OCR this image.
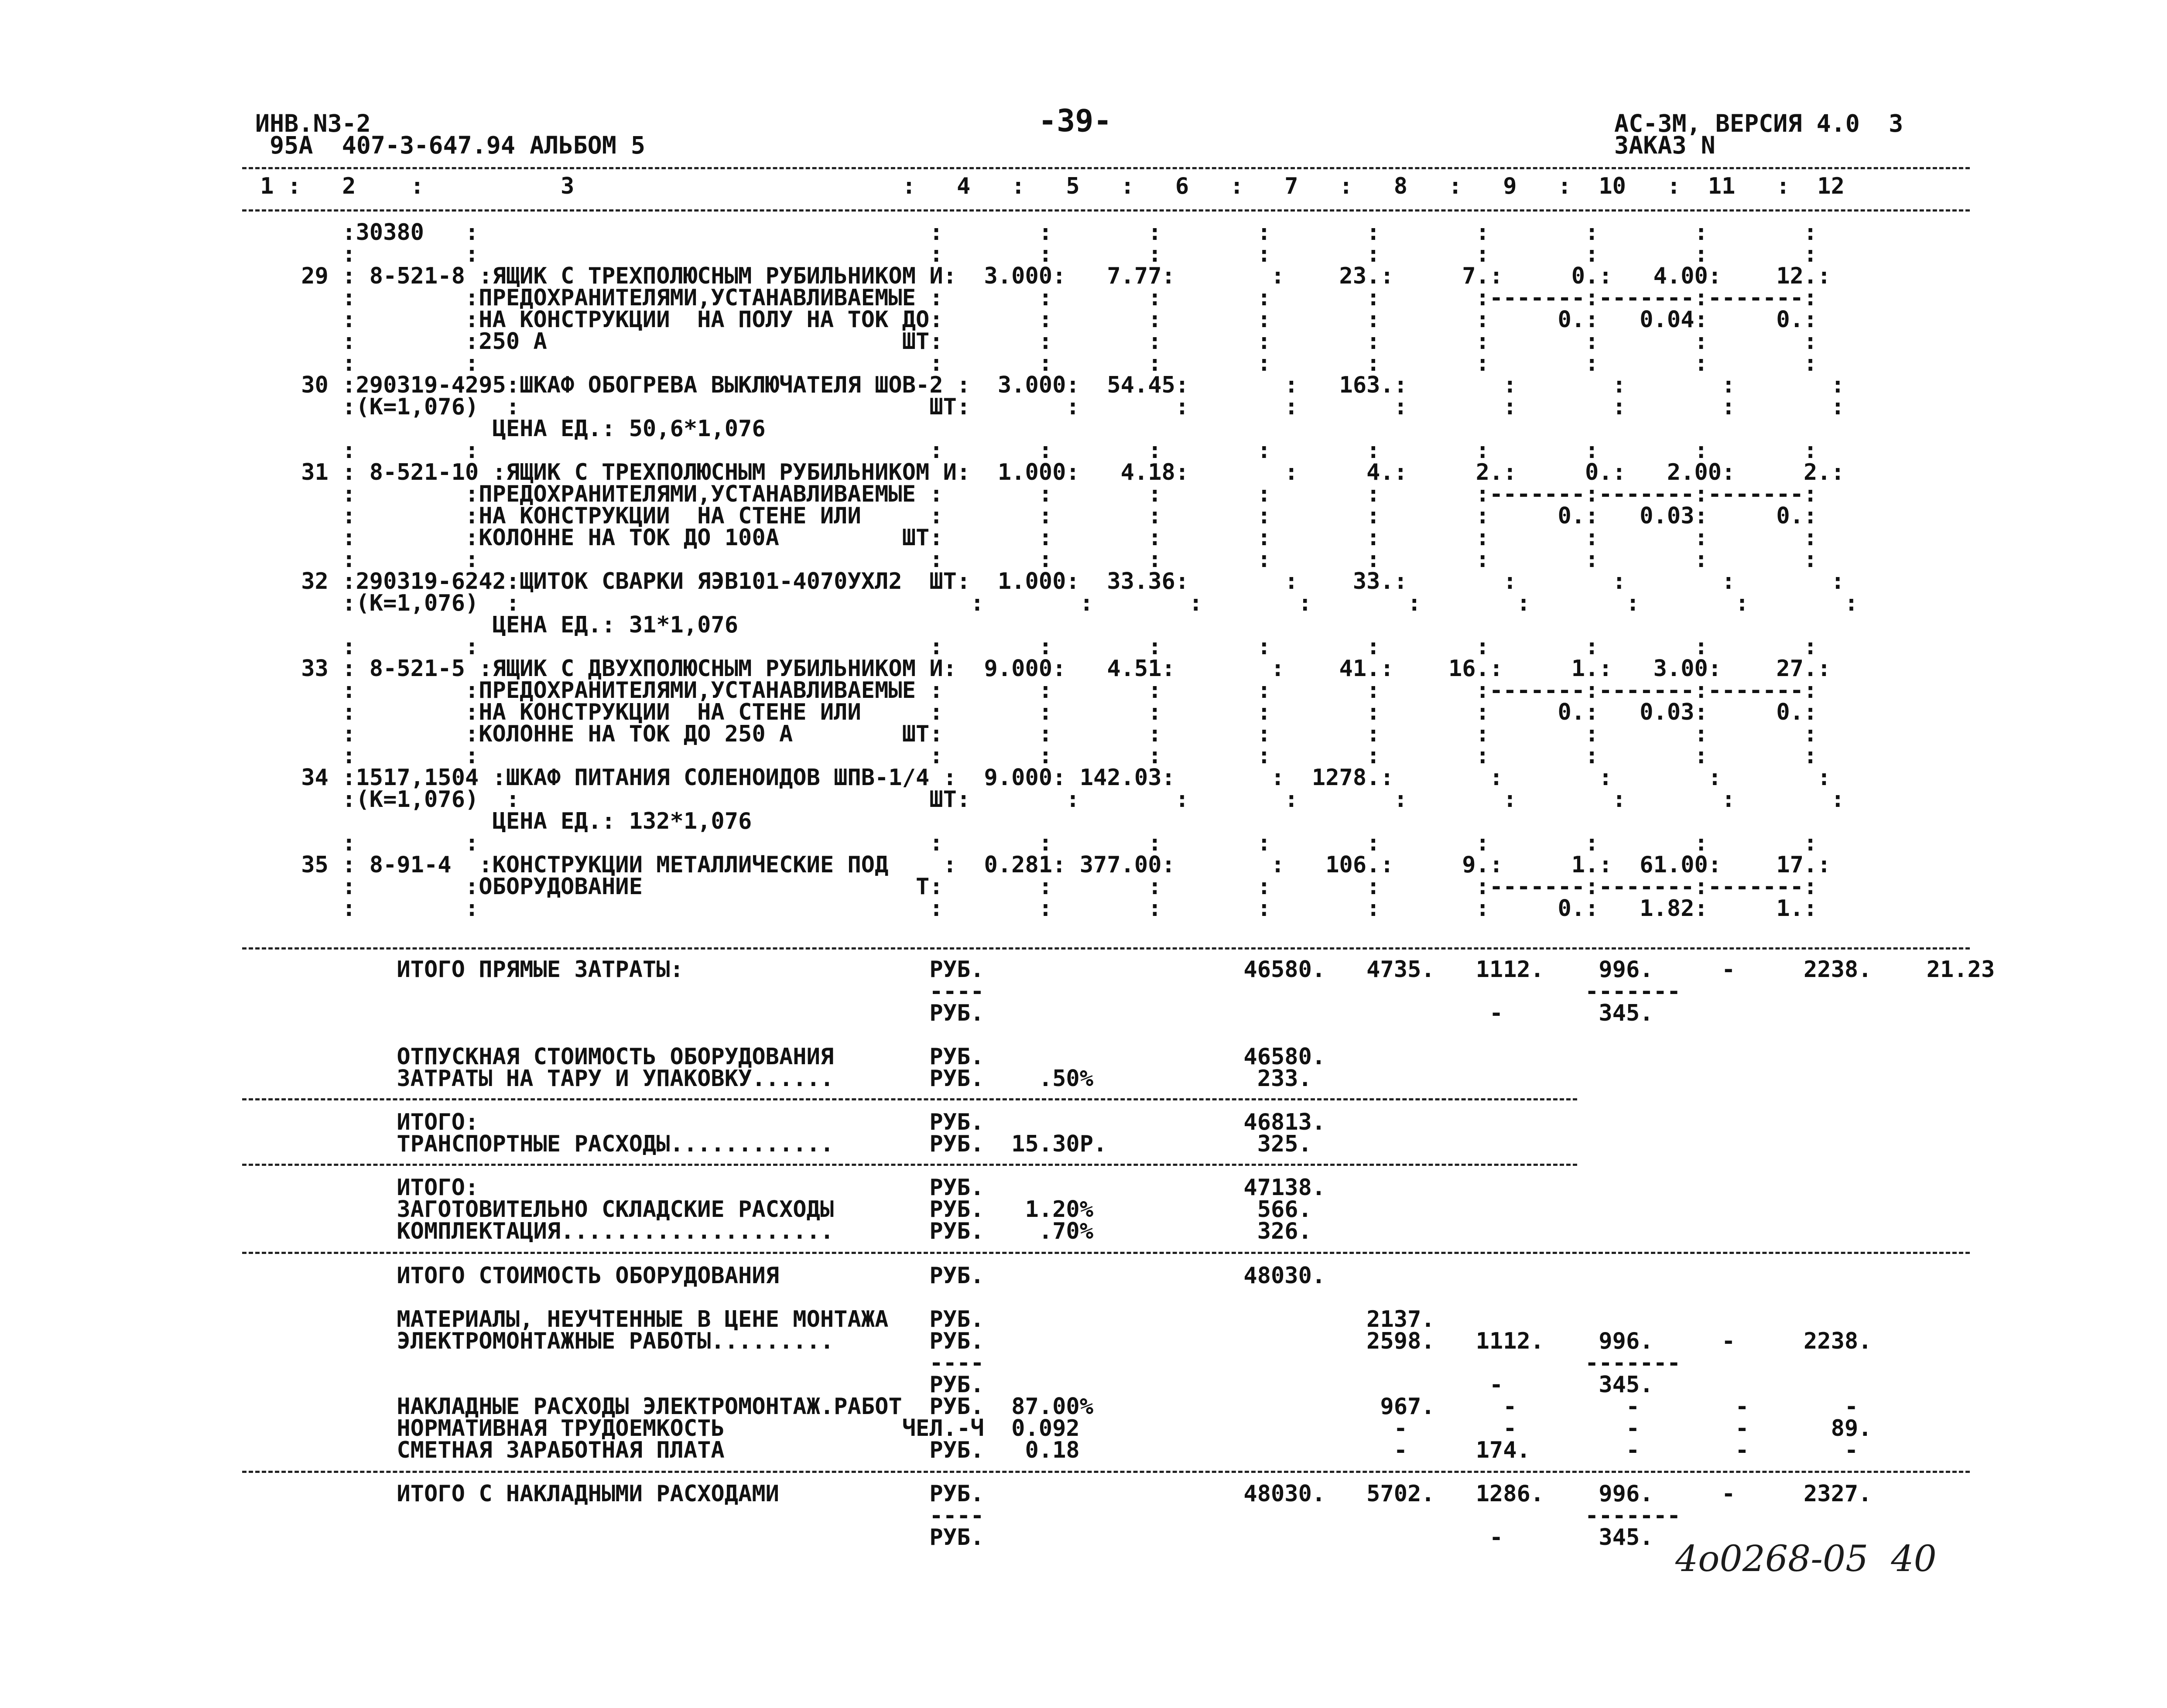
ИНВ.N3-2
95А  407-3-647.94 АЛЬБОМ 5
-39-	АС-3М, ВЕРСИЯ 4.0  3
ЗАКАЗ N
1 :   2    :          3                        :   4   :   5   :   6   :   7   :   8   :   9   :  10   :  11   :  12
:30380   :                                 :       :       :       :       :       :       :       :       :
:        :                                 :       :       :       :       :       :       :       :       :
29 : 8-521-8 :ЯЩИК С ТРЕХПОЛЮСНЫМ РУБИЛЬНИКОМ И:  3.000:   7.77:       :    23.:     7.:     0.:   4.00:    12.:
:        :ПРЕДОХРАНИТЕЛЯМИ,УСТАНАВЛИВАЕМЫЕ :       :       :       :       :       :-------:-------:-------:
:        :НА КОНСТРУКЦИИ  НА ПОЛУ НА ТОК ДО:       :       :       :       :       :     0.:   0.04:     0.:
:        :250 А                          ШТ:       :       :       :       :       :       :       :       :
:        :                                 :       :       :       :       :       :       :       :       :
30 :290319-4295:ШКАФ ОБОГРЕВА ВЫКЛЮЧАТЕЛЯ ШОВ-2 :  3.000:  54.45:       :   163.:       :       :       :       :
:(К=1,076)  :                              ШТ:       :       :       :       :       :       :       :       :
ЦЕНА ЕД.: 50,6*1,076
:        :                                 :       :       :       :       :       :       :       :       :
31 : 8-521-10 :ЯЩИК С ТРЕХПОЛЮСНЫМ РУБИЛЬНИКОМ И:  1.000:   4.18:       :     4.:     2.:     0.:   2.00:     2.:
:        :ПРЕДОХРАНИТЕЛЯМИ,УСТАНАВЛИВАЕМЫЕ :       :       :       :       :       :-------:-------:-------:
:        :НА КОНСТРУКЦИИ  НА СТЕНЕ ИЛИ     :       :       :       :       :       :     0.:   0.03:     0.:
:        :КОЛОННЕ НА ТОК ДО 100А         ШТ:       :       :       :       :       :       :       :       :
:        :                                 :       :       :       :       :       :       :       :       :
32 :290319-6242:ЩИТОК СВАРКИ ЯЭВ101-4070УХЛ2  ШТ:  1.000:  33.36:       :    33.:       :       :       :       :
:(К=1,076)  :                                 :       :       :       :       :       :       :       :       :
ЦЕНА ЕД.: 31*1,076
:        :                                 :       :       :       :       :       :       :       :       :
33 : 8-521-5 :ЯЩИК С ДВУХПОЛЮСНЫМ РУБИЛЬНИКОМ И:  9.000:   4.51:       :    41.:    16.:     1.:   3.00:    27.:
:        :ПРЕДОХРАНИТЕЛЯМИ,УСТАНАВЛИВАЕМЫЕ :       :       :       :       :       :-------:-------:-------:
:        :НА КОНСТРУКЦИИ  НА СТЕНЕ ИЛИ     :       :       :       :       :       :     0.:   0.03:     0.:
:        :КОЛОННЕ НА ТОК ДО 250 А        ШТ:       :       :       :       :       :       :       :       :
:        :                                 :       :       :       :       :       :       :       :       :
34 :1517,1504 :ШКАФ ПИТАНИЯ СОЛЕНОИДОВ ШПВ-1/4 :  9.000: 142.03:       :  1278.:       :       :       :       :
:(К=1,076)  :                              ШТ:       :       :       :       :       :       :       :       :
ЦЕНА ЕД.: 132*1,076
:        :                                 :       :       :       :       :       :       :       :       :
35 : 8-91-4  :КОНСТРУКЦИИ МЕТАЛЛИЧЕСКИЕ ПОД    :  0.281: 377.00:       :   106.:     9.:     1.:  61.00:    17.:
:        :ОБОРУДОВАНИЕ                    Т:       :       :       :       :       :-------:-------:-------:
:        :                                 :       :       :       :       :       :     0.:   1.82:     1.:
ИТОГО ПРЯМЫЕ ЗАТРАТЫ:                  РУБ.                   46580.   4735.   1112.    996.     -     2238.    21.23
----                                            -------
РУБ.                                     -       345.
ОТПУСКНАЯ СТОИМОСТЬ ОБОРУДОВАНИЯ       РУБ.                   46580.
ЗАТРАТЫ НА ТАРУ И УПАКОВКУ......       РУБ.    .50%            233.
ИТОГО:                                 РУБ.                   46813.
ТРАНСПОРТНЫЕ РАСХОДЫ............       РУБ.  15.30Р.           325.
ИТОГО:                                 РУБ.                   47138.
ЗАГОТОВИТЕЛЬНО СКЛАДСКИЕ РАСХОДЫ       РУБ.   1.20%            566.
КОМПЛЕКТАЦИЯ....................       РУБ.    .70%            326.
ИТОГО СТОИМОСТЬ ОБОРУДОВАНИЯ           РУБ.                   48030.
МАТЕРИАЛЫ, НЕУЧТЕННЫЕ В ЦЕНЕ МОНТАЖА   РУБ.                            2137.
ЭЛЕКТРОМОНТАЖНЫЕ РАБОТЫ.........       РУБ.                            2598.   1112.    996.     -     2238.
----                                            -------
РУБ.                                     -       345.
НАКЛАДНЫЕ РАСХОДЫ ЭЛЕКТРОМОНТАЖ.РАБОТ  РУБ.  87.00%                     967.     -        -       -       -
НОРМАТИВНАЯ ТРУДОЕМКОСТЬ             ЧЕЛ.-Ч  0.092                       -       -        -       -      89.
СМЕТНАЯ ЗАРАБОТНАЯ ПЛАТА               РУБ.   0.18                       -     174.       -       -       -
ИТОГО С НАКЛАДНЫМИ РАСХОДАМИ           РУБ.                   48030.   5702.   1286.    996.     -     2327.
----                                            -------
РУБ.                                     -       345.
4о0268-05  40
